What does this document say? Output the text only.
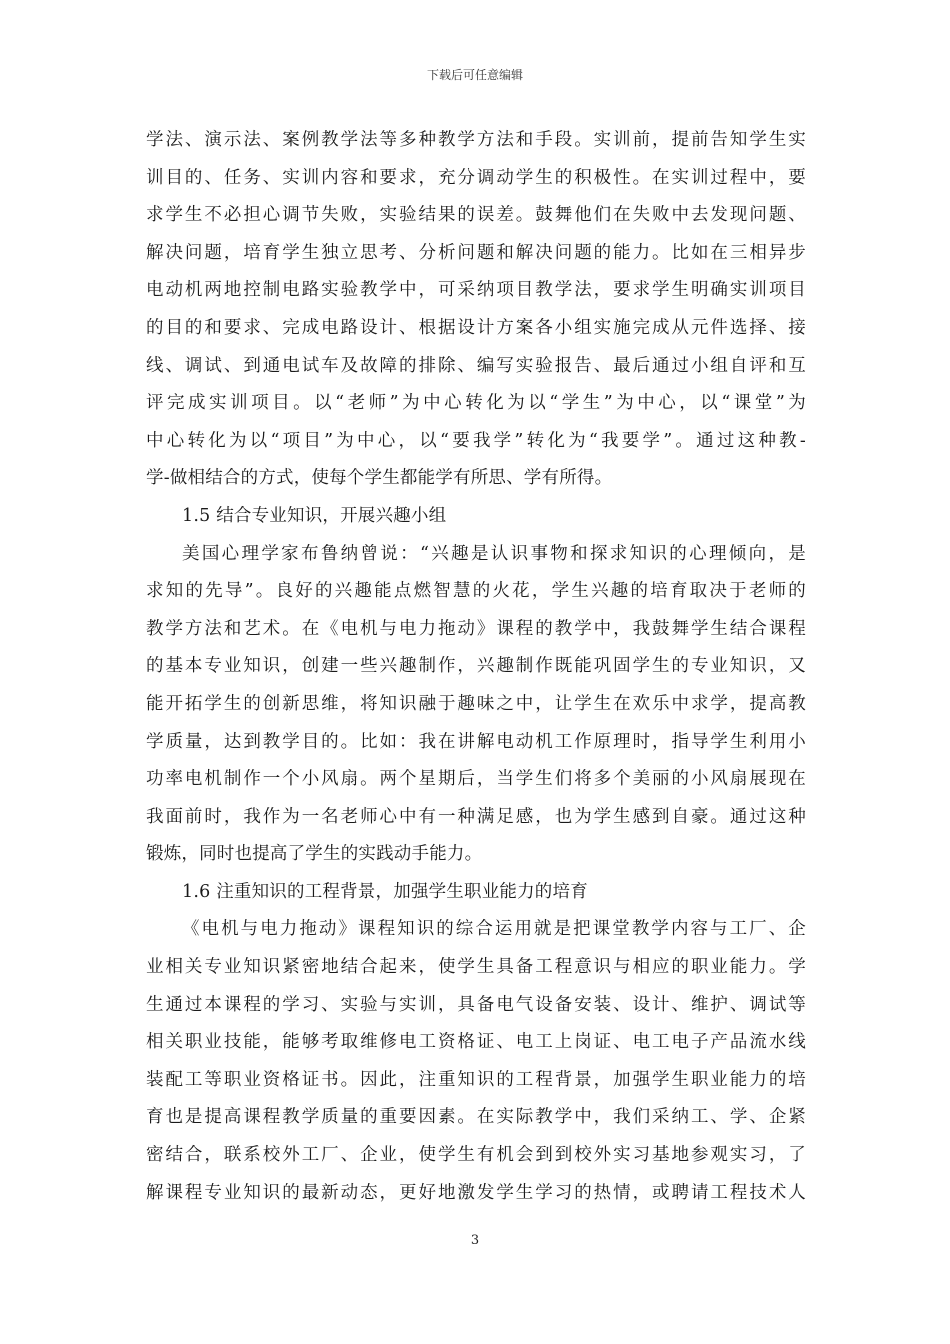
下载后可任意编辑
学法、演示法、案例教学法等多种教学方法和手段。实训前，提前告知学生实
训目的、任务、实训内容和要求，充分调动学生的积极性。在实训过程中，要
求学生不必担心调节失败，实验结果的误差。鼓舞他们在失败中去发现问题、
解决问题，培育学生独立思考、分析问题和解决问题的能力。比如在三相异步
电动机两地控制电路实验教学中，可采纳项目教学法，要求学生明确实训项目
的目的和要求、完成电路设计、根据设计方案各小组实施完成从元件选择、接
线、调试、到通电试车及故障的排除、编写实验报告、最后通过小组自评和互
评完成实训项目。以“老师”为中心转化为以“学生”为中心，以“课堂”为
中心转化为以“项目”为中心，以“要我学”转化为“我要学”。通过这种教-
学-做相结合的方式，使每个学生都能学有所思、学有所得。
1.5 结合专业知识，开展兴趣小组
美国心理学家布鲁纳曾说：“兴趣是认识事物和探求知识的心理倾向，是
求知的先导”。良好的兴趣能点燃智慧的火花，学生兴趣的培育取决于老师的
教学方法和艺术。在《电机与电力拖动》课程的教学中，我鼓舞学生结合课程
的基本专业知识，创建一些兴趣制作，兴趣制作既能巩固学生的专业知识，又
能开拓学生的创新思维，将知识融于趣味之中，让学生在欢乐中求学，提高教
学质量，达到教学目的。比如：我在讲解电动机工作原理时，指导学生利用小
功率电机制作一个小风扇。两个星期后，当学生们将多个美丽的小风扇展现在
我面前时，我作为一名老师心中有一种满足感，也为学生感到自豪。通过这种
锻炼，同时也提高了学生的实践动手能力。
1.6 注重知识的工程背景，加强学生职业能力的培育
《电机与电力拖动》课程知识的综合运用就是把课堂教学内容与工厂、企
业相关专业知识紧密地结合起来，使学生具备工程意识与相应的职业能力。学
生通过本课程的学习、实验与实训，具备电气设备安装、设计、维护、调试等
相关职业技能，能够考取维修电工资格证、电工上岗证、电工电子产品流水线
装配工等职业资格证书。因此，注重知识的工程背景，加强学生职业能力的培
育也是提高课程教学质量的重要因素。在实际教学中，我们采纳工、学、企紧
密结合，联系校外工厂、企业，使学生有机会到到校外实习基地参观实习，了
解课程专业知识的最新动态，更好地激发学生学习的热情，或聘请工程技术人
3
